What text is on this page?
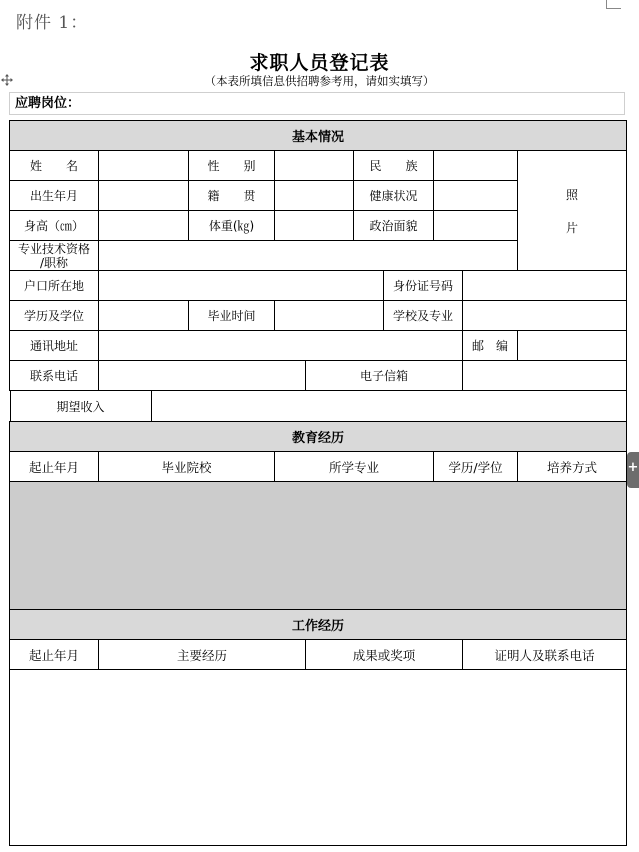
附件 1：
求职人员登记表
（本表所填信息供招聘参考用，请如实填写）
应聘岗位：
基本情况									
姓　　名		性　　别			民　　族				照
片

出生年月		籍　　贯			健康状况				
身高（㎝）		体重(㎏)			政治面貌				

专业技术资格
/职称									

户口所在地						身份证号码			
学历及学位		毕业时间				学校及专业			
通讯地址								邮　编	
联系电话				电子信箱					

期望收入									

教育经历									
起止年月	毕业院校		所学专业				学历/学位		培养方式

工作经历									
起止年月	主要经历			成果或奖项				证明人及联系电话	

+
